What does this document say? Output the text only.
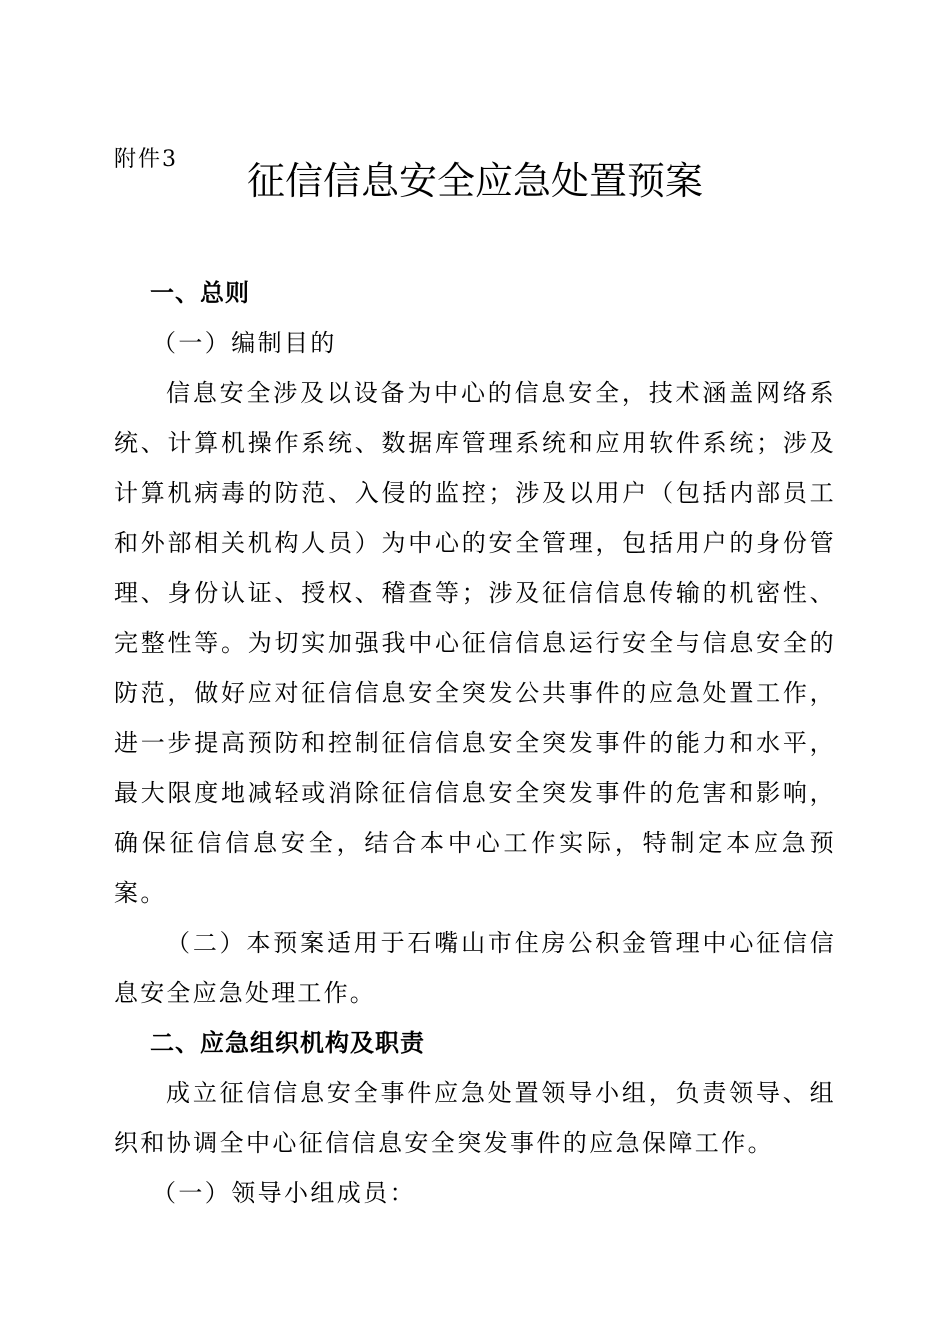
附件3	征信信息安全应急处置预案

一、总则

（一）编制目的

信息安全涉及以设备为中心的信息安全，技术涵盖网络系统、计算机操作系统、数据库管理系统和应用软件系统；涉及计算机病毒的防范、入侵的监控；涉及以用户（包括内部员工和外部相关机构人员）为中心的安全管理，包括用户的身份管理、身份认证、授权、稽查等；涉及征信信息传输的机密性、完整性等。为切实加强我中心征信信息运行安全与信息安全的防范，做好应对征信信息安全突发公共事件的应急处置工作，进一步提高预防和控制征信信息安全突发事件的能力和水平，最大限度地减轻或消除征信信息安全突发事件的危害和影响，确保征信信息安全，结合本中心工作实际，特制定本应急预案。

（二）本预案适用于石嘴山市住房公积金管理中心征信信息安全应急处理工作。

二、应急组织机构及职责

成立征信信息安全事件应急处置领导小组，负责领导、组织和协调全中心征信信息安全突发事件的应急保障工作。

（一）领导小组成员：
